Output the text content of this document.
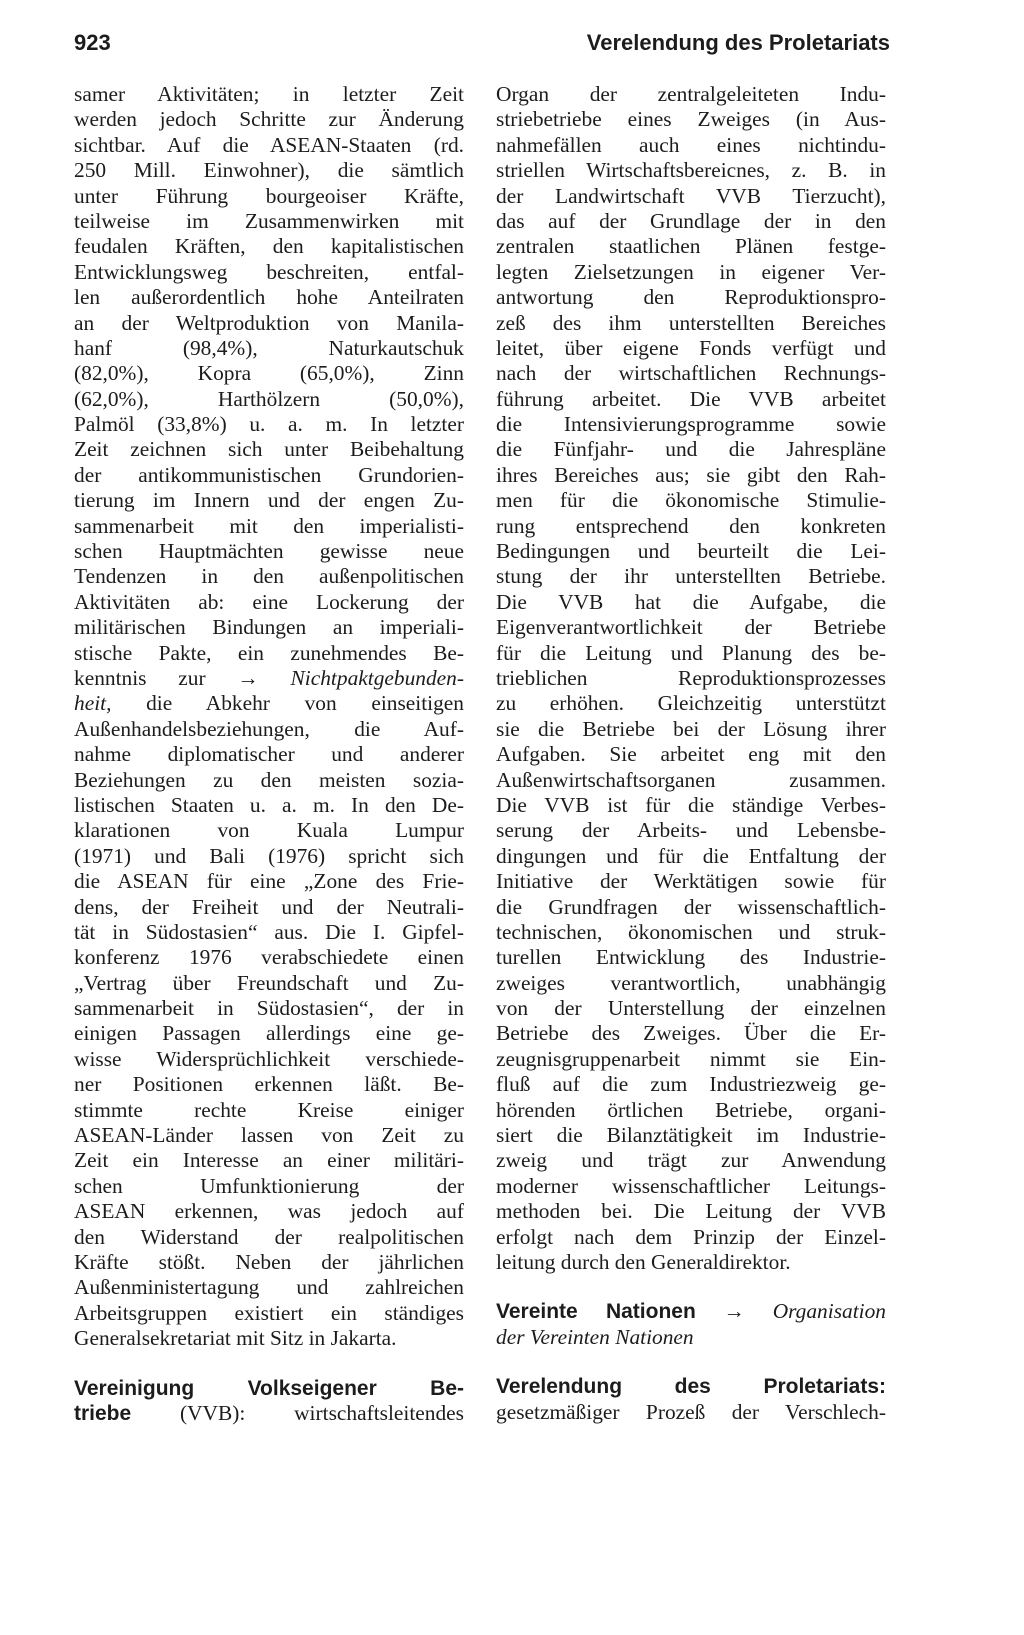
923	Verelendung des Proletariats
samer Aktivitäten; in letzter Zeit
werden jedoch Schritte zur Änderung
sichtbar. Auf die ASEAN-Staaten (rd.
250 Mill. Einwohner), die sämtlich
unter Führung bourgeoiser Kräfte,
teilweise im Zusammenwirken mit
feudalen Kräften, den kapitalistischen
Entwicklungsweg beschreiten, entfal-
len außerordentlich hohe Anteilraten
an der Weltproduktion von Manila-
hanf (98,4%), Naturkautschuk
(82,0%), Kopra (65,0%), Zinn
(62,0%), Harthölzern (50,0%),
Palmöl (33,8%) u. a. m. In letzter
Zeit zeichnen sich unter Beibehaltung
der antikommunistischen Grundorien-
tierung im Innern und der engen Zu-
sammenarbeit mit den imperialisti-
schen Hauptmächten gewisse neue
Tendenzen in den außenpolitischen
Aktivitäten ab: eine Lockerung der
militärischen Bindungen an imperiali-
stische Pakte, ein zunehmendes Be-
kenntnis zur → Nichtpaktgebunden-
heit, die Abkehr von einseitigen
Außenhandelsbeziehungen, die Auf-
nahme diplomatischer und anderer
Beziehungen zu den meisten sozia-
listischen Staaten u. a. m. In den De-
klarationen von Kuala Lumpur
(1971) und Bali (1976) spricht sich
die ASEAN für eine „Zone des Frie-
dens, der Freiheit und der Neutrali-
tät in Südostasien“ aus. Die I. Gipfel-
konferenz 1976 verabschiedete einen
„Vertrag über Freundschaft und Zu-
sammenarbeit in Südostasien“, der in
einigen Passagen allerdings eine ge-
wisse Widersprüchlichkeit verschiede-
ner Positionen erkennen läßt. Be-
stimmte rechte Kreise einiger
ASEAN-Länder lassen von Zeit zu
Zeit ein Interesse an einer militäri-
schen Umfunktionierung der
ASEAN erkennen, was jedoch auf
den Widerstand der realpolitischen
Kräfte stößt. Neben der jährlichen
Außenministertagung und zahlreichen
Arbeitsgruppen existiert ein ständiges
Generalsekretariat mit Sitz in Jakarta.
Vereinigung Volkseigener Be-
triebe (VVB): wirtschaftsleitendes
Organ der zentralgeleiteten Indu-
striebetriebe eines Zweiges (in Aus-
nahmefällen auch eines nichtindu-
striellen Wirtschaftsbereicnes, z. B. in
der Landwirtschaft VVB Tierzucht),
das auf der Grundlage der in den
zentralen staatlichen Plänen festge-
legten Zielsetzungen in eigener Ver-
antwortung den Reproduktionspro-
zeß des ihm unterstellten Bereiches
leitet, über eigene Fonds verfügt und
nach der wirtschaftlichen Rechnungs-
führung arbeitet. Die VVB arbeitet
die Intensivierungsprogramme sowie
die Fünfjahr- und die Jahrespläne
ihres Bereiches aus; sie gibt den Rah-
men für die ökonomische Stimulie-
rung entsprechend den konkreten
Bedingungen und beurteilt die Lei-
stung der ihr unterstellten Betriebe.
Die VVB hat die Aufgabe, die
Eigenverantwortlichkeit der Betriebe
für die Leitung und Planung des be-
trieblichen Reproduktionsprozesses
zu erhöhen. Gleichzeitig unterstützt
sie die Betriebe bei der Lösung ihrer
Aufgaben. Sie arbeitet eng mit den
Außenwirtschaftsorganen zusammen.
Die VVB ist für die ständige Verbes-
serung der Arbeits- und Lebensbe-
dingungen und für die Entfaltung der
Initiative der Werktätigen sowie für
die Grundfragen der wissenschaftlich-
technischen, ökonomischen und struk-
turellen Entwicklung des Industrie-
zweiges verantwortlich, unabhängig
von der Unterstellung der einzelnen
Betriebe des Zweiges. Über die Er-
zeugnisgruppenarbeit nimmt sie Ein-
fluß auf die zum Industriezweig ge-
hörenden örtlichen Betriebe, organi-
siert die Bilanztätigkeit im Industrie-
zweig und trägt zur Anwendung
moderner wissenschaftlicher Leitungs-
methoden bei. Die Leitung der VVB
erfolgt nach dem Prinzip der Einzel-
leitung durch den Generaldirektor.
Vereinte Nationen → Organisation
der Vereinten Nationen
Verelendung des Proletariats:
gesetzmäßiger Prozeß der Verschlech-
